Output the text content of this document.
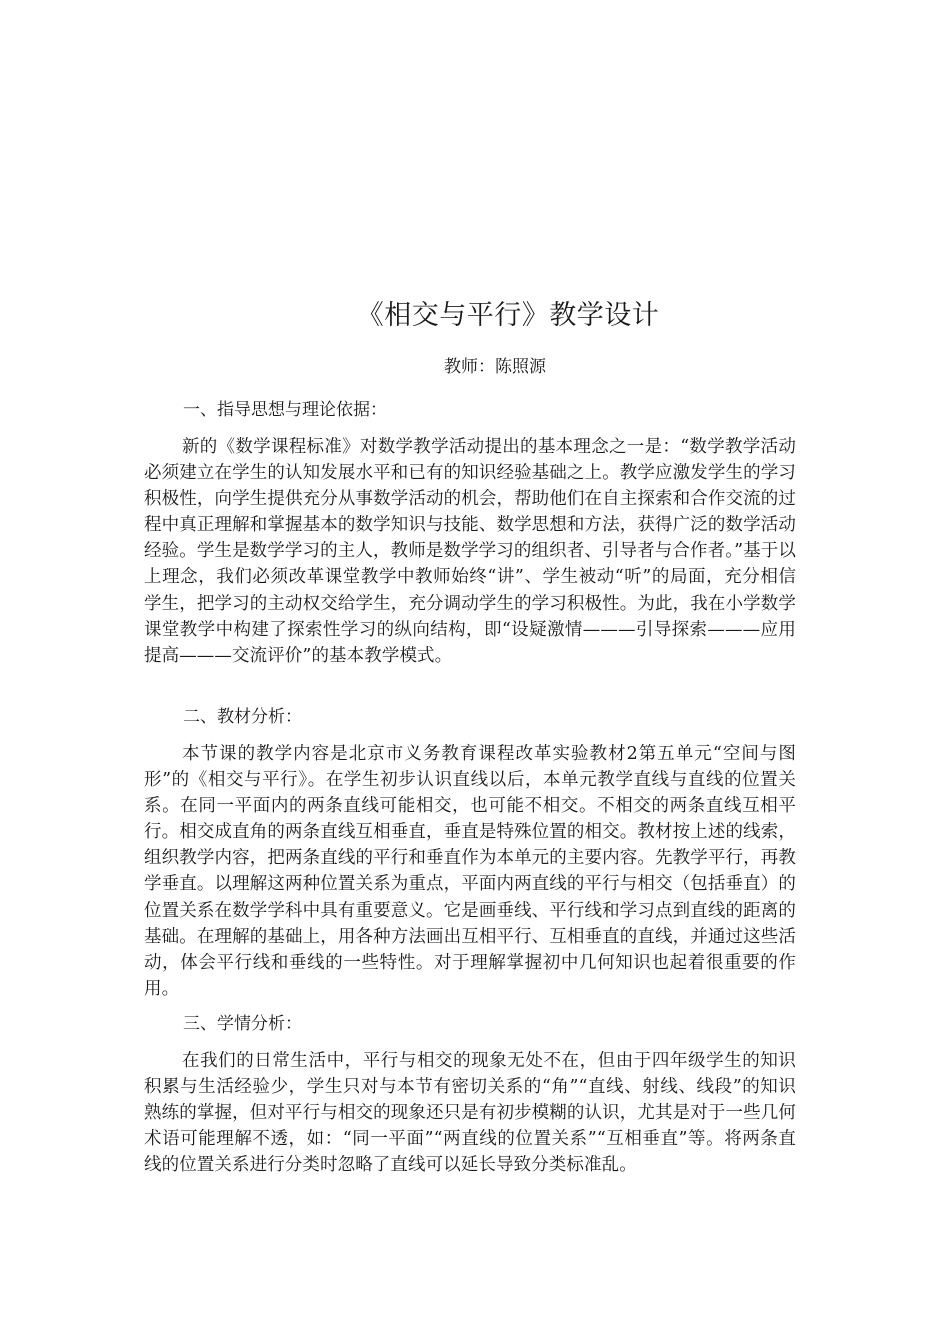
《相交与平行》教学设计
教师：陈照源
一、指导思想与理论依据：
新的《数学课程标准》对数学教学活动提出的基本理念之一是：“数学教学活动必须建立在学生的认知发展水平和已有的知识经验基础之上。教学应激发学生的学习积极性，向学生提供充分从事数学活动的机会，帮助他们在自主探索和合作交流的过程中真正理解和掌握基本的数学知识与技能、数学思想和方法，获得广泛的数学活动经验。学生是数学学习的主人，教师是数学学习的组织者、引导者与合作者。”基于以上理念，我们必须改革课堂教学中教师始终“讲”、学生被动“听”的局面，充分相信学生，把学习的主动权交给学生，充分调动学生的学习积极性。为此，我在小学数学课堂教学中构建了探索性学习的纵向结构，即“设疑激情———引导探索———应用提高———交流评价”的基本教学模式。
二、教材分析：
本节课的教学内容是北京市义务教育课程改革实验教材2第五单元“空间与图形”的《相交与平行》。在学生初步认识直线以后，本单元教学直线与直线的位置关系。在同一平面内的两条直线可能相交，也可能不相交。不相交的两条直线互相平行。相交成直角的两条直线互相垂直，垂直是特殊位置的相交。教材按上述的线索，组织教学内容，把两条直线的平行和垂直作为本单元的主要内容。先教学平行，再教学垂直。以理解这两种位置关系为重点，平面内两直线的平行与相交（包括垂直）的位置关系在数学学科中具有重要意义。它是画垂线、平行线和学习点到直线的距离的基础。在理解的基础上，用各种方法画出互相平行、互相垂直的直线，并通过这些活动，体会平行线和垂线的一些特性。对于理解掌握初中几何知识也起着很重要的作用。
三、学情分析：
在我们的日常生活中，平行与相交的现象无处不在，但由于四年级学生的知识积累与生活经验少，学生只对与本节有密切关系的“角”“直线、射线、线段”的知识熟练的掌握，但对平行与相交的现象还只是有初步模糊的认识，尤其是对于一些几何术语可能理解不透，如：“同一平面”“两直线的位置关系”“互相垂直”等。将两条直线的位置关系进行分类时忽略了直线可以延长导致分类标准乱。
